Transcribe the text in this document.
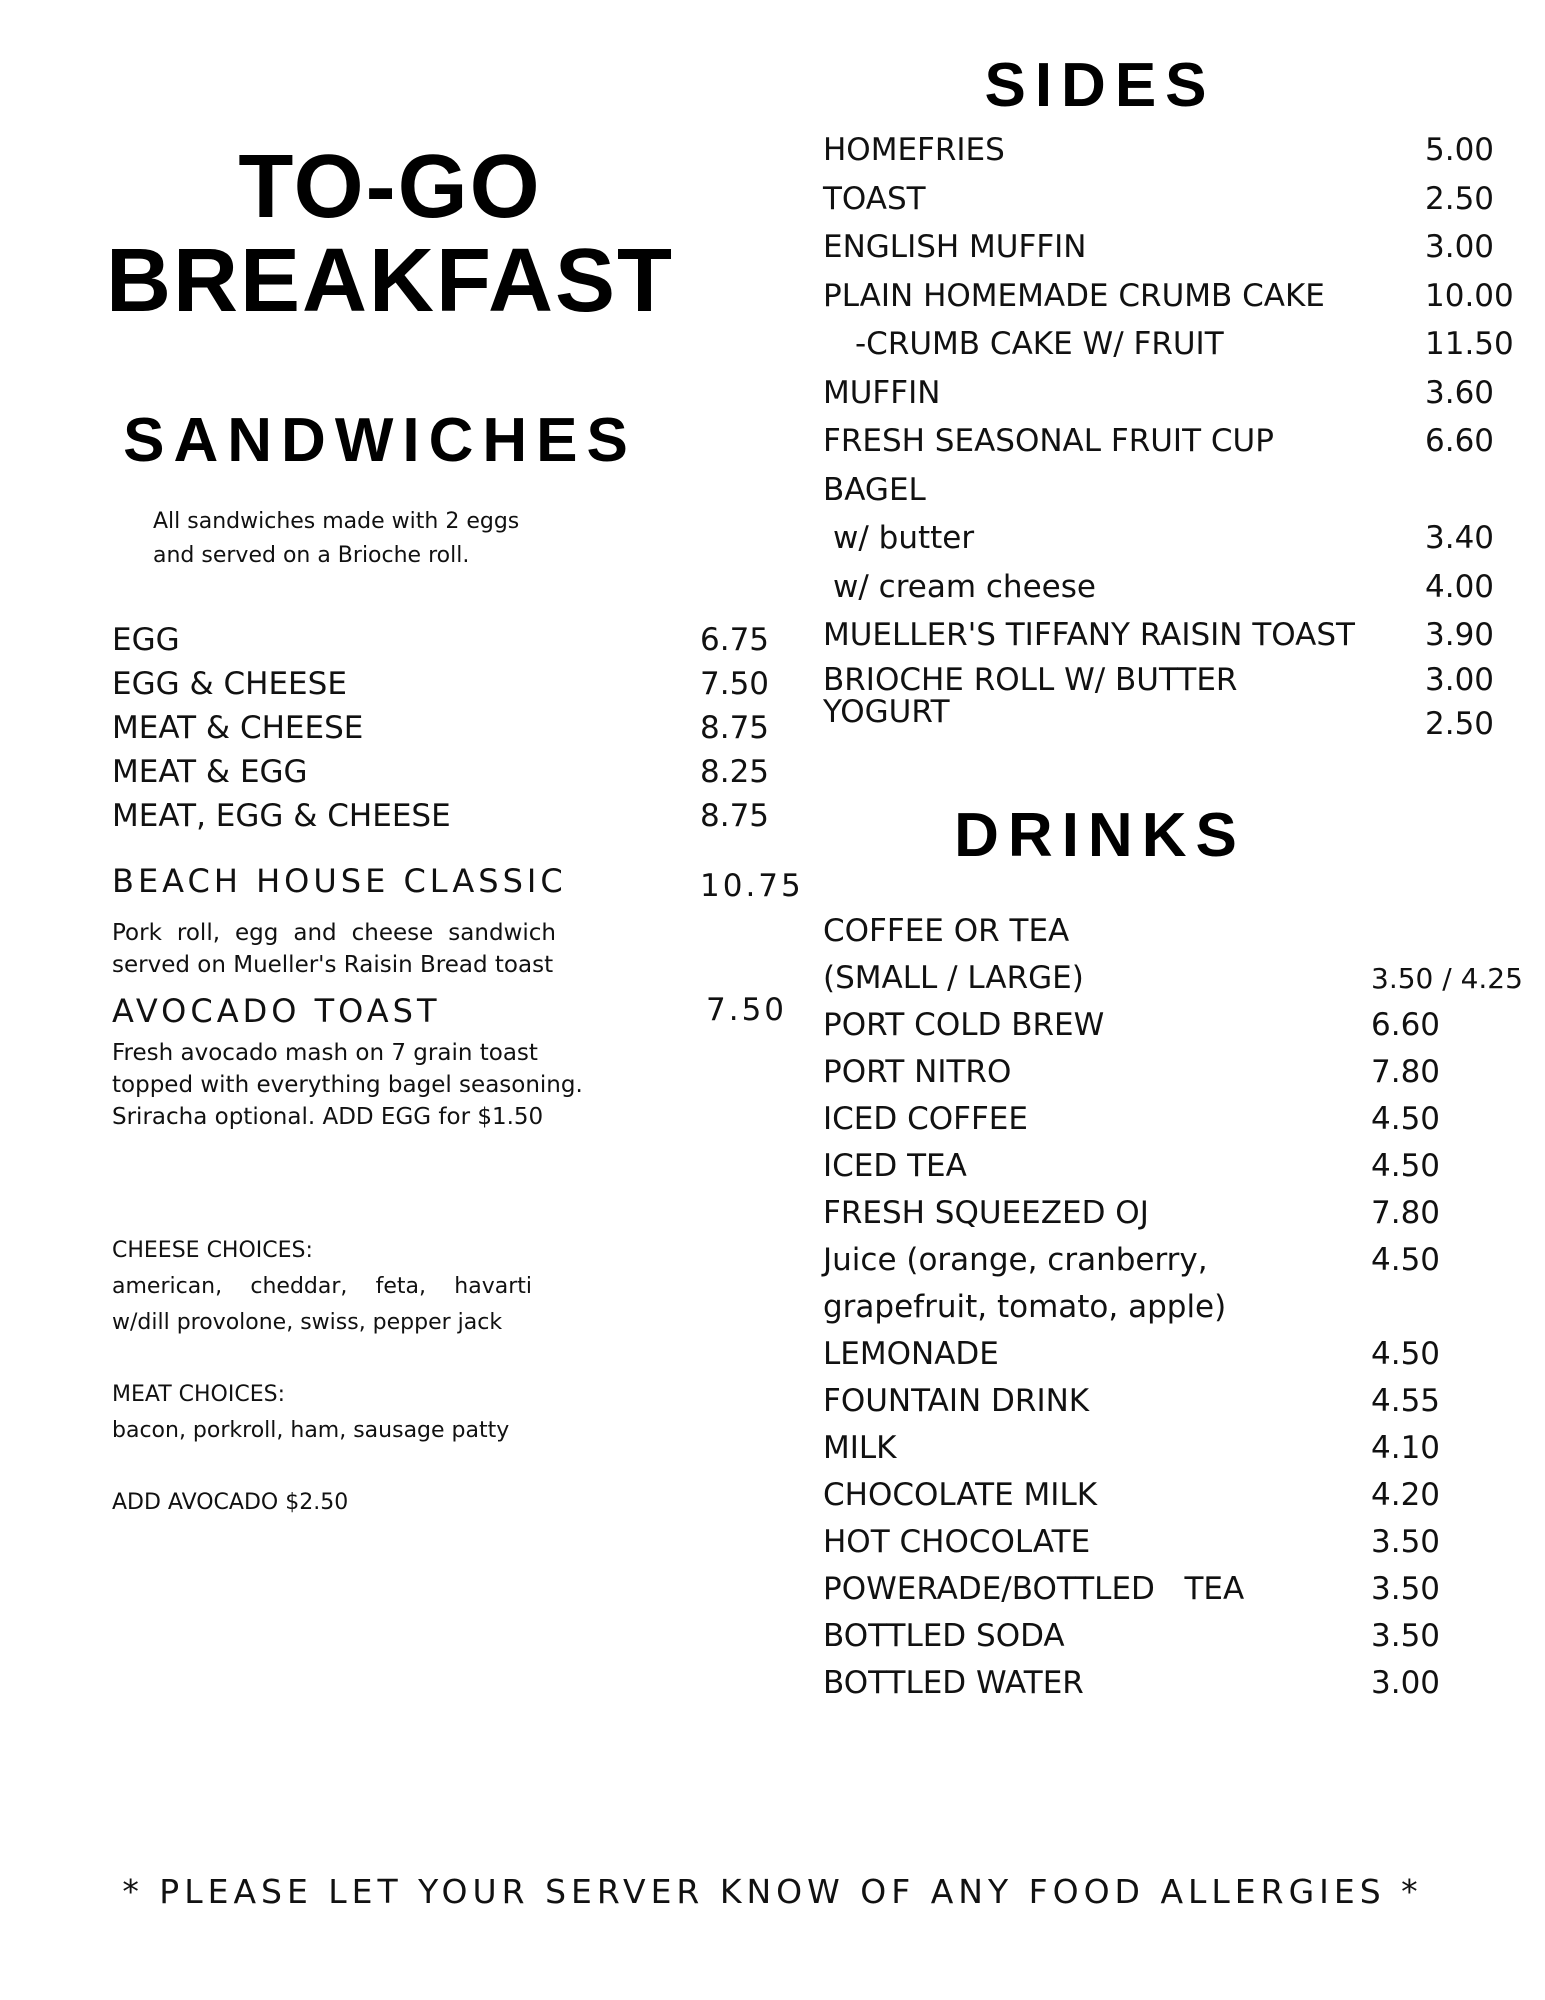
TO-GO
BREAKFAST
SANDWICHES
All sandwiches made with 2 eggs
and served on a Brioche roll.
EGG	6.75
EGG & CHEESE	7.50
MEAT & CHEESE	8.75
MEAT & EGG	8.25
MEAT, EGG & CHEESE	8.75
BEACH HOUSE CLASSIC	10.75
Pork roll, egg and cheese sandwich served on Mueller's Raisin Bread toast
AVOCADO TOAST	7.50
Fresh avocado mash on 7 grain toast
topped with everything bagel seasoning.
Sriracha optional. ADD EGG for $1.50
CHEESE CHOICES:
american, cheddar, feta, havarti w/dill provolone, swiss, pepper jack
MEAT CHOICES:
bacon, porkroll, ham, sausage patty
ADD AVOCADO $2.50
SIDES
HOMEFRIES	5.00
TOAST	2.50
ENGLISH MUFFIN	3.00
PLAIN HOMEMADE CRUMB CAKE	10.00
-CRUMB CAKE W/ FRUIT	11.50
MUFFIN	3.60
FRESH SEASONAL FRUIT CUP	6.60
BAGEL
w/ butter	3.40
w/ cream cheese	4.00
MUELLER'S TIFFANY RAISIN TOAST 3.90
BRIOCHE ROLL W/ BUTTER	3.00
YOGURT	2.50
DRINKS
COFFEE OR TEA
(SMALL / LARGE)	3.50 / 4.25
PORT COLD BREW	6.60
PORT NITRO	7.80
ICED COFFEE	4.50
ICED TEA	4.50
FRESH SQUEEZED OJ	7.80
Juice (orange, cranberry,	4.50
grapefruit, tomato, apple)
LEMONADE	4.50
FOUNTAIN DRINK	4.55
MILK	4.10
CHOCOLATE MILK	4.20
HOT CHOCOLATE	3.50
POWERADE/BOTTLED   TEA	3.50
BOTTLED SODA	3.50
BOTTLED WATER	3.00
* PLEASE LET YOUR SERVER KNOW OF ANY FOOD ALLERGIES *
